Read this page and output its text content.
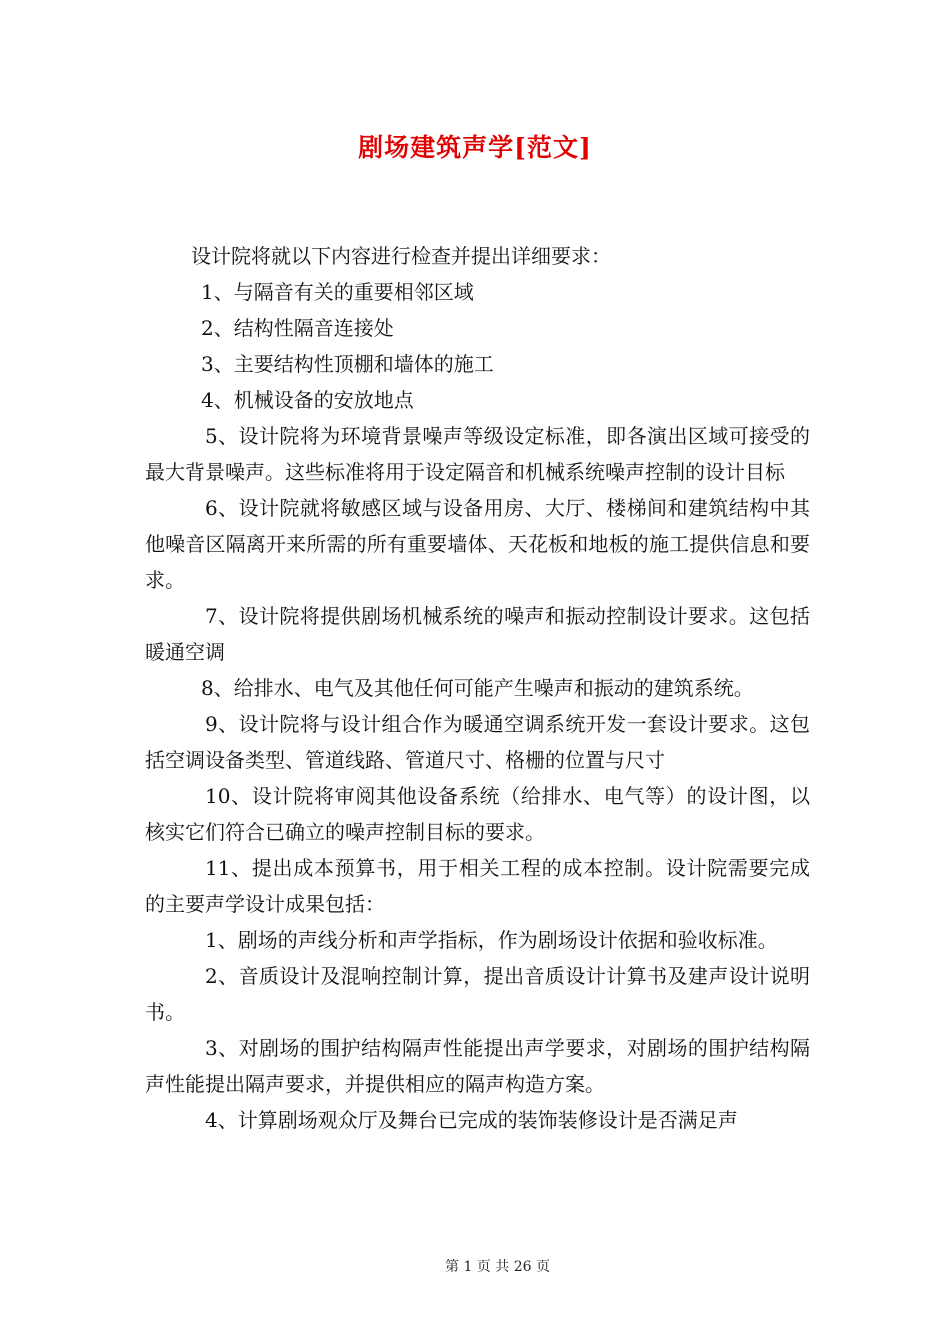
剧场建筑声学[范文]

设计院将就以下内容进行检查并提出详细要求：

1、与隔音有关的重要相邻区域

2、结构性隔音连接处

3、主要结构性顶棚和墙体的施工

4、机械设备的安放地点

5、设计院将为环境背景噪声等级设定标准，即各演出区域可接受的最大背景噪声。这些标准将用于设定隔音和机械系统噪声控制的设计目标

6、设计院就将敏感区域与设备用房、大厅、楼梯间和建筑结构中其他噪音区隔离开来所需的所有重要墙体、天花板和地板的施工提供信息和要求。

7、设计院将提供剧场机械系统的噪声和振动控制设计要求。这包括暖通空调

8、给排水、电气及其他任何可能产生噪声和振动的建筑系统。

9、设计院将与设计组合作为暖通空调系统开发一套设计要求。这包括空调设备类型、管道线路、管道尺寸、格栅的位置与尺寸

10、设计院将审阅其他设备系统（给排水、电气等）的设计图，以核实它们符合已确立的噪声控制目标的要求。

11、提出成本预算书，用于相关工程的成本控制。设计院需要完成的主要声学设计成果包括：

1、剧场的声线分析和声学指标，作为剧场设计依据和验收标准。

2、音质设计及混响控制计算，提出音质设计计算书及建声设计说明书。

3、对剧场的围护结构隔声性能提出声学要求，对剧场的围护结构隔声性能提出隔声要求，并提供相应的隔声构造方案。

4、计算剧场观众厅及舞台已完成的装饰装修设计是否满足声

第 1 页 共 26 页
